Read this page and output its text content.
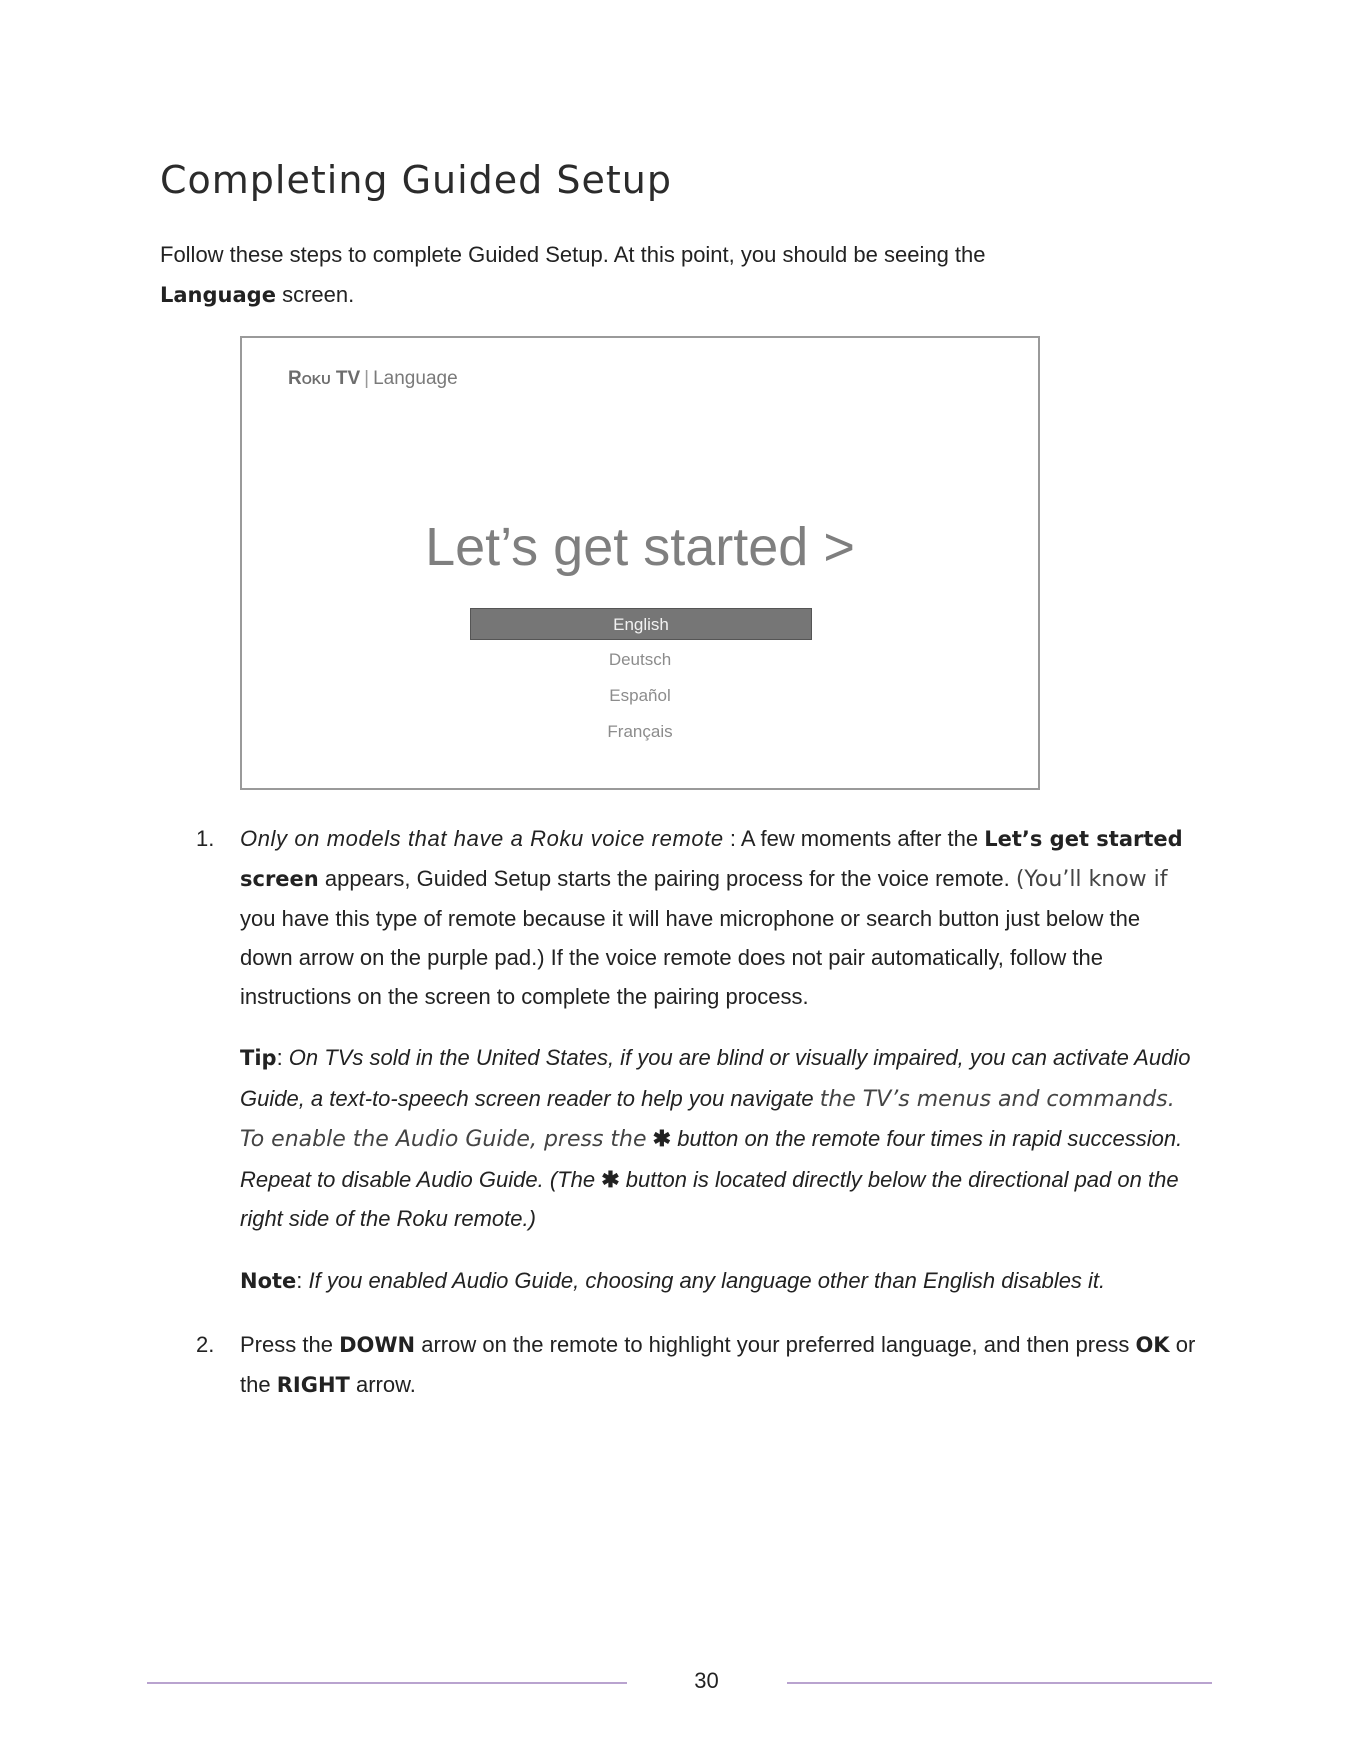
Completing Guided Setup

Follow these steps to complete Guided Setup. At this point, you should be seeing the
Language screen.

Roku TV | Language
Let’s get started >
English
Deutsch
Español
Français
1. Only on models that have a Roku voice remote : A few moments after the Let’s get started screen appears, Guided Setup starts the pairing process for the voice remote. (You’ll know if you have this type of remote because it will have microphone or search button just below the down arrow on the purple pad.) If the voice remote does not pair automatically, follow the instructions on the screen to complete the pairing process.
Tip: On TVs sold in the United States, if you are blind or visually impaired, you can activate Audio Guide, a text-to-speech screen reader to help you navigate the TV’s menus and commands. To enable the Audio Guide, press the ✱ button on the remote four times in rapid succession. Repeat to disable Audio Guide. (The ✱ button is located directly below the directional pad on the right side of the Roku remote.)
Note: If you enabled Audio Guide, choosing any language other than English disables it.
2. Press the DOWN arrow on the remote to highlight your preferred language, and then press OK or the RIGHT arrow.
30
